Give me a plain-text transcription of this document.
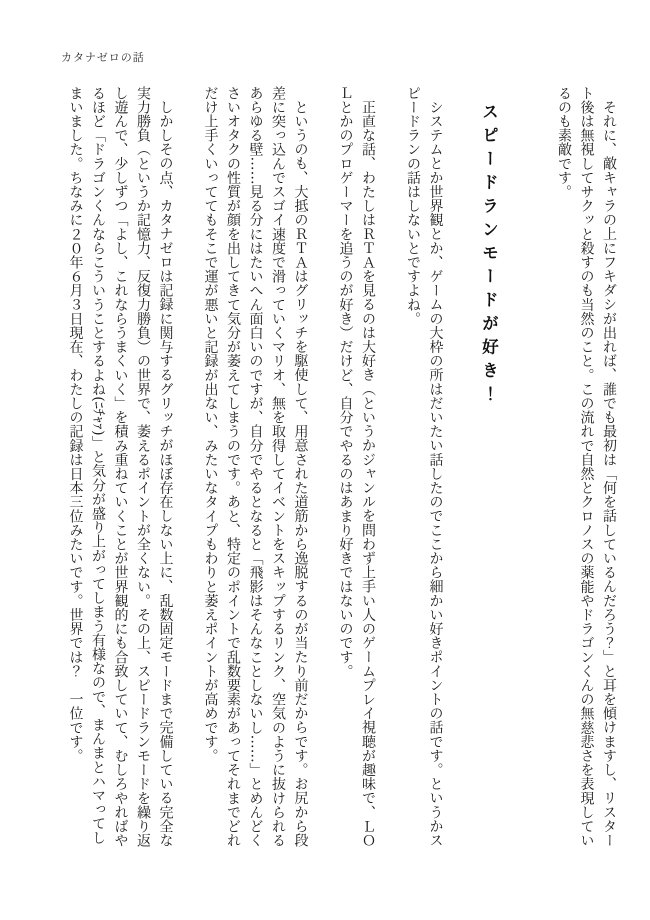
カタナゼロの話

それに、敵キャラの上にフキダシが出れば、誰でも最初は「何を話しているんだろう？」と耳を傾けますし、リスタート後は無視してサクッと殺すのも当然のこと。この流れで自然とクロノスの薬能やドラゴンくんの無慈悲さを表現しているのも素敵です。

スピードランモードが好き！

システムとか世界観とか、ゲームの大枠の所はだいたい話したのでここから細かい好きポイントの話です。というかスピードランの話はしないとですよね。

正直な話、わたしはＲＴＡを見るのは大好き（というかジャンルを問わず上手い人のゲームプレイ視聴が趣味で、ＬＯＬとかのプロゲーマーを追うのが好き）だけど、自分でやるのはあまり好きではないのです。

というのも、大抵のＲＴＡはグリッチを駆使して、用意された道筋から逸脱するのが当たり前だからです。お尻から段差に突っ込んでスゴイ速度で滑っていくマリオ、無を取得してイベントをスキップするリンク、空気のように抜けられるあらゆる壁……見る分にはたいへん面白いのですが、自分でやるとなると「飛影はそんなことしないし……」とめんどくさいオタクの性質が顔を出してきて気分が萎えてしまうのです。あと、特定のポイントで乱数要素があってそれまでどれだけ上手くいっててもそこで運が悪いと記録が出ない、みたいなタイプもわりと萎えポイントが高めです。

しかしその点、カタナゼロは記録に関与するグリッチがほぼ存在しない上に、乱数固定モードまで完備している完全な実力勝負（というか記憶力、反復力勝負）の世界で、萎えるポイントが全くない。その上、スピードランモードを繰り返し遊んで、少しずつ「よし、これならうまくいく」を積み重ねていくことが世界観的にも合致していて、むしろやればやるほど「ドラゴンくんならこういうことするよね(ﾆﾁｬｧ)」と気分が盛り上がってしまう有様なので、まんまとハマってしまいました。ちなみに２０年６月３日現在、わたしの記録は日本三位みたいです。世界では？　一位です。
